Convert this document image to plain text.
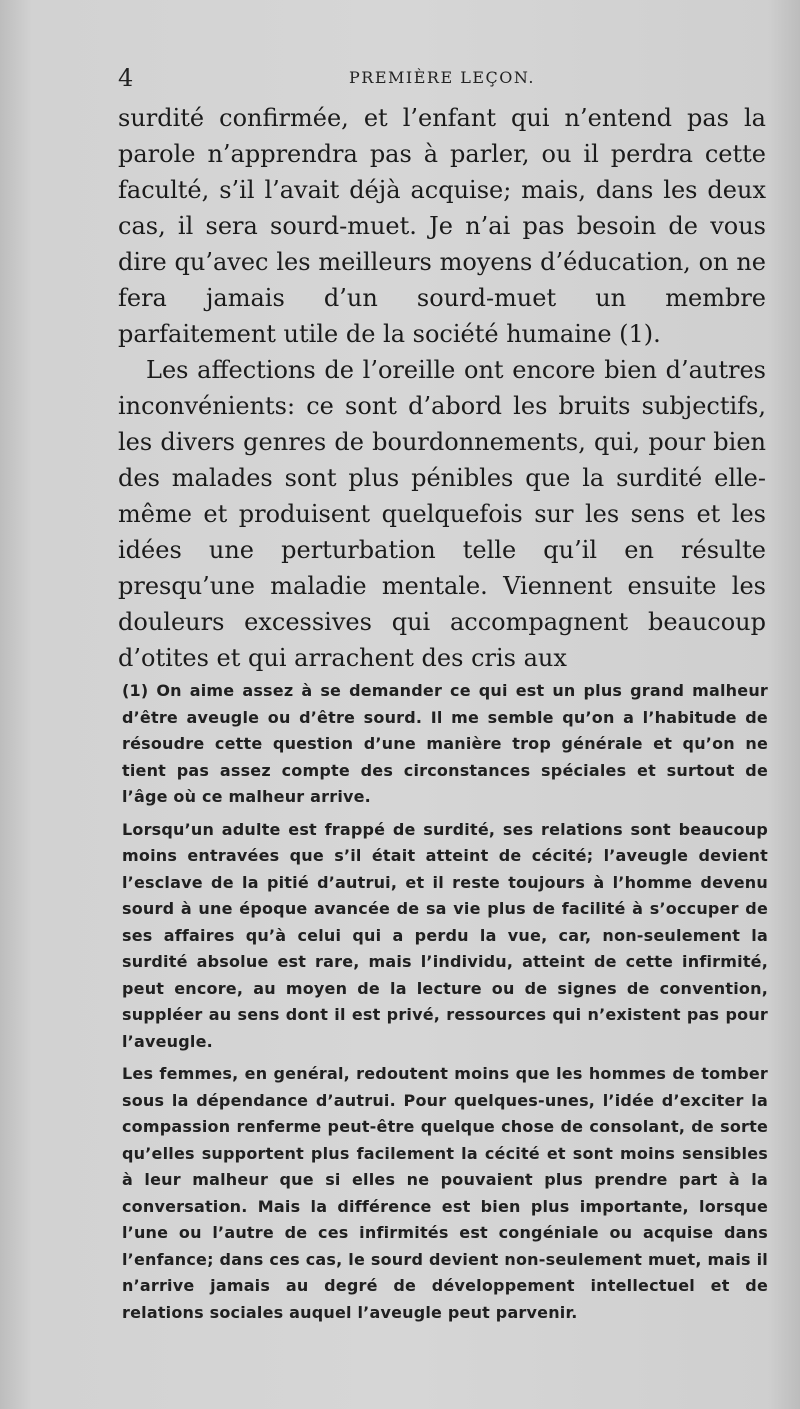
4	PREMIÈRE LEÇON.

surdité confirmée, et l’enfant qui n’entend pas la parole n’apprendra pas à parler, ou il perdra cette faculté, s’il l’avait déjà acquise; mais, dans les deux cas, il sera sourd-muet. Je n’ai pas besoin de vous dire qu’avec les meilleurs moyens d’éducation, on ne fera jamais d’un sourd-muet un membre parfaitement utile de la société humaine (1).

Les affections de l’oreille ont encore bien d’autres inconvénients: ce sont d’abord les bruits subjectifs, les divers genres de bourdonnements, qui, pour bien des malades sont plus pénibles que la surdité elle-même et produisent quelquefois sur les sens et les idées une perturbation telle qu’il en résulte presqu’une maladie mentale. Viennent ensuite les douleurs excessives qui accompagnent beaucoup d’otites et qui arrachent des cris aux

(1) On aime assez à se demander ce qui est un plus grand malheur d’être aveugle ou d’être sourd. Il me semble qu’on a l’habitude de résoudre cette question d’une manière trop générale et qu’on ne tient pas assez compte des circonstances spéciales et surtout de l’âge où ce malheur arrive.

Lorsqu’un adulte est frappé de surdité, ses relations sont beaucoup moins entravées que s’il était atteint de cécité; l’aveugle devient l’esclave de la pitié d’autrui, et il reste toujours à l’homme devenu sourd à une époque avancée de sa vie plus de facilité à s’occuper de ses affaires qu’à celui qui a perdu la vue, car, non-seulement la surdité absolue est rare, mais l’individu, atteint de cette infirmité, peut encore, au moyen de la lecture ou de signes de convention, suppléer au sens dont il est privé, ressources qui n’existent pas pour l’aveugle.

Les femmes, en genéral, redoutent moins que les hommes de tomber sous la dépendance d’autrui. Pour quelques-unes, l’idée d’exciter la compassion renferme peut-être quelque chose de consolant, de sorte qu’elles supportent plus facilement la cécité et sont moins sensibles à leur malheur que si elles ne pouvaient plus prendre part à la conversation. Mais la différence est bien plus importante, lorsque l’une ou l’autre de ces infirmités est congéniale ou acquise dans l’enfance; dans ces cas, le sourd devient non-seulement muet, mais il n’arrive jamais au degré de développement intellectuel et de relations sociales auquel l’aveugle peut parvenir.
